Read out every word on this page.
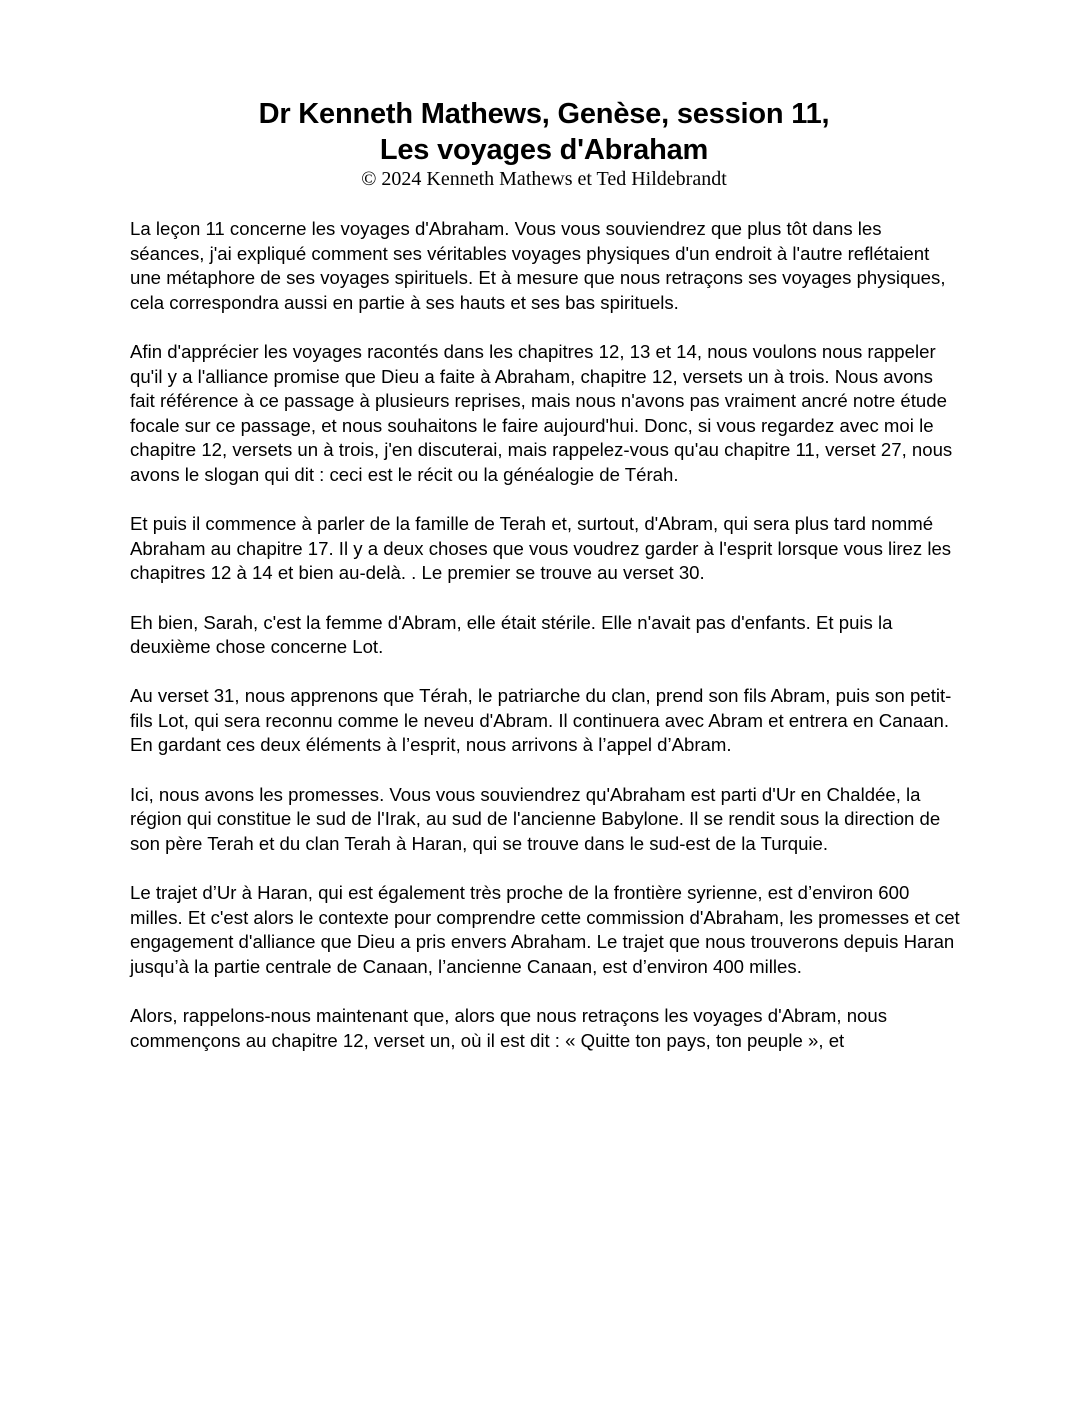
Dr Kenneth Mathews, Genèse, session 11,
Les voyages d'Abraham
© 2024 Kenneth Mathews et Ted Hildebrandt

La leçon 11 concerne les voyages d'Abraham. Vous vous souviendrez que plus tôt dans les séances, j'ai expliqué comment ses véritables voyages physiques d'un endroit à l'autre reflétaient une métaphore de ses voyages spirituels. Et à mesure que nous retraçons ses voyages physiques, cela correspondra aussi en partie à ses hauts et ses bas spirituels.

Afin d'apprécier les voyages racontés dans les chapitres 12, 13 et 14, nous voulons nous rappeler qu'il y a l'alliance promise que Dieu a faite à Abraham, chapitre 12, versets un à trois. Nous avons fait référence à ce passage à plusieurs reprises, mais nous n'avons pas vraiment ancré notre étude focale sur ce passage, et nous souhaitons le faire aujourd'hui. Donc, si vous regardez avec moi le chapitre 12, versets un à trois, j'en discuterai, mais rappelez-vous qu'au chapitre 11, verset 27, nous avons le slogan qui dit : ceci est le récit ou la généalogie de Térah.

Et puis il commence à parler de la famille de Terah et, surtout, d'Abram, qui sera plus tard nommé Abraham au chapitre 17. Il y a deux choses que vous voudrez garder à l'esprit lorsque vous lirez les chapitres 12 à 14 et bien au-delà. . Le premier se trouve au verset 30.

Eh bien, Sarah, c'est la femme d'Abram, elle était stérile. Elle n'avait pas d'enfants. Et puis la deuxième chose concerne Lot.

Au verset 31, nous apprenons que Térah, le patriarche du clan, prend son fils Abram, puis son petit-fils Lot, qui sera reconnu comme le neveu d'Abram. Il continuera avec Abram et entrera en Canaan. En gardant ces deux éléments à l’esprit, nous arrivons à l’appel d’Abram.

Ici, nous avons les promesses. Vous vous souviendrez qu'Abraham est parti d'Ur en Chaldée, la région qui constitue le sud de l'Irak, au sud de l'ancienne Babylone. Il se rendit sous la direction de son père Terah et du clan Terah à Haran, qui se trouve dans le sud-est de la Turquie.

Le trajet d’Ur à Haran, qui est également très proche de la frontière syrienne, est d’environ 600 milles. Et c'est alors le contexte pour comprendre cette commission d'Abraham, les promesses et cet engagement d'alliance que Dieu a pris envers Abraham. Le trajet que nous trouverons depuis Haran jusqu’à la partie centrale de Canaan, l’ancienne Canaan, est d’environ 400 milles.

Alors, rappelons-nous maintenant que, alors que nous retraçons les voyages d'Abram, nous commençons au chapitre 12, verset un, où il est dit : « Quitte ton pays, ton peuple », et
